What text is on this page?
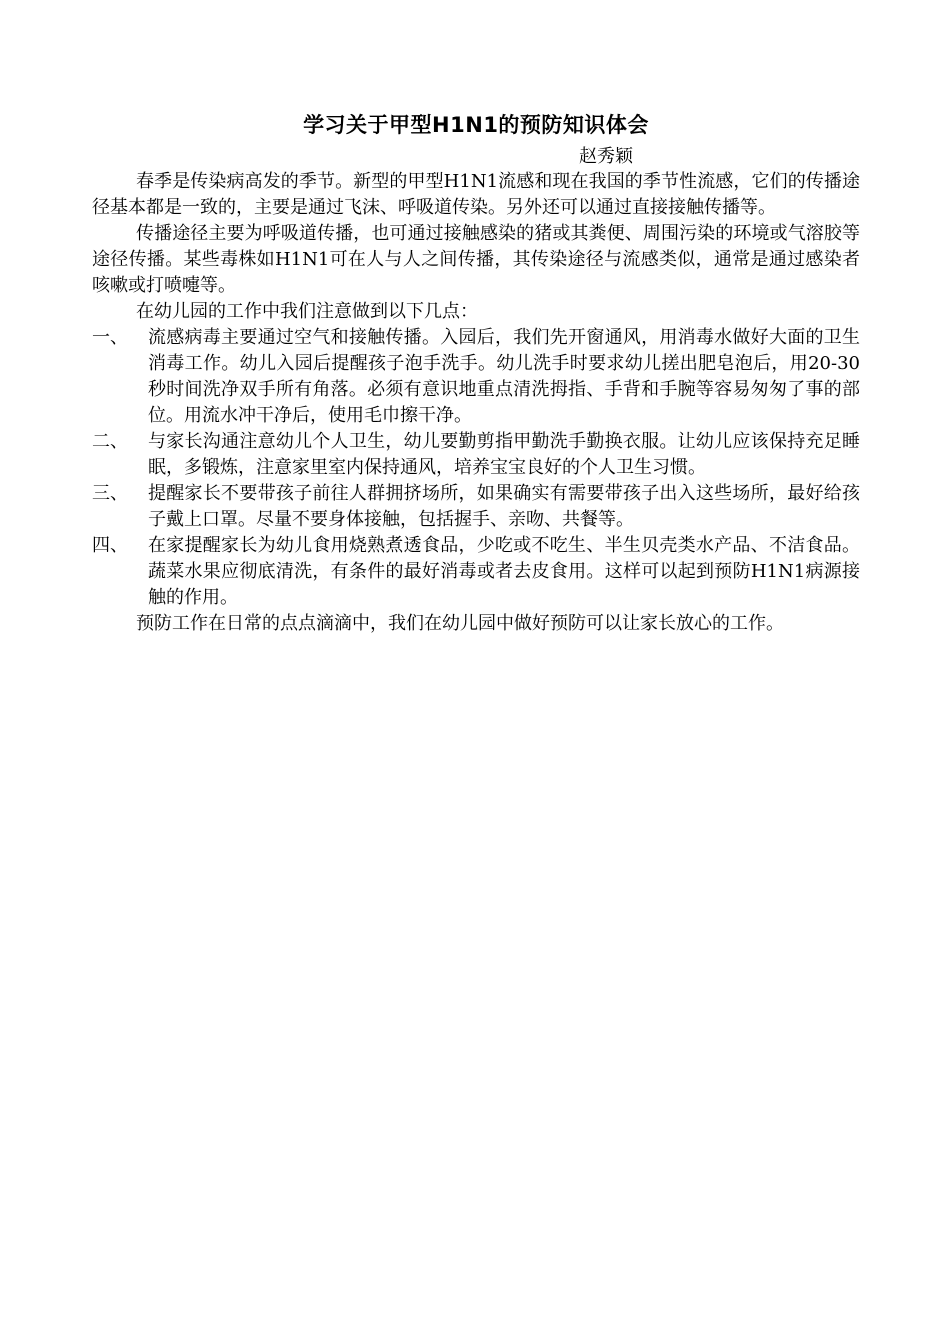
学习关于甲型H1N1的预防知识体会
赵秀颖

春季是传染病高发的季节。新型的甲型H1N1流感和现在我国的季节性流感，它们的传播途径基本都是一致的，主要是通过飞沫、呼吸道传染。另外还可以通过直接接触传播等。

传播途径主要为呼吸道传播，也可通过接触感染的猪或其粪便、周围污染的环境或气溶胶等途径传播。某些毒株如H1N1可在人与人之间传播，其传染途径与流感类似，通常是通过感染者咳嗽或打喷嚏等。

在幼儿园的工作中我们注意做到以下几点：

一、 流感病毒主要通过空气和接触传播。入园后，我们先开窗通风，用消毒水做好大面的卫生消毒工作。幼儿入园后提醒孩子泡手洗手。幼儿洗手时要求幼儿搓出肥皂泡后，用20-30秒时间洗净双手所有角落。必须有意识地重点清洗拇指、手背和手腕等容易匆匆了事的部位。用流水冲干净后，使用毛巾擦干净。
二、 与家长沟通注意幼儿个人卫生，幼儿要勤剪指甲勤洗手勤换衣服。让幼儿应该保持充足睡眠，多锻炼，注意家里室内保持通风，培养宝宝良好的个人卫生习惯。
三、 提醒家长不要带孩子前往人群拥挤场所，如果确实有需要带孩子出入这些场所，最好给孩子戴上口罩。尽量不要身体接触，包括握手、亲吻、共餐等。
四、 在家提醒家长为幼儿食用烧熟煮透食品，少吃或不吃生、半生贝壳类水产品、不洁食品。蔬菜水果应彻底清洗，有条件的最好消毒或者去皮食用。这样可以起到预防H1N1病源接触的作用。

预防工作在日常的点点滴滴中，我们在幼儿园中做好预防可以让家长放心的工作。
